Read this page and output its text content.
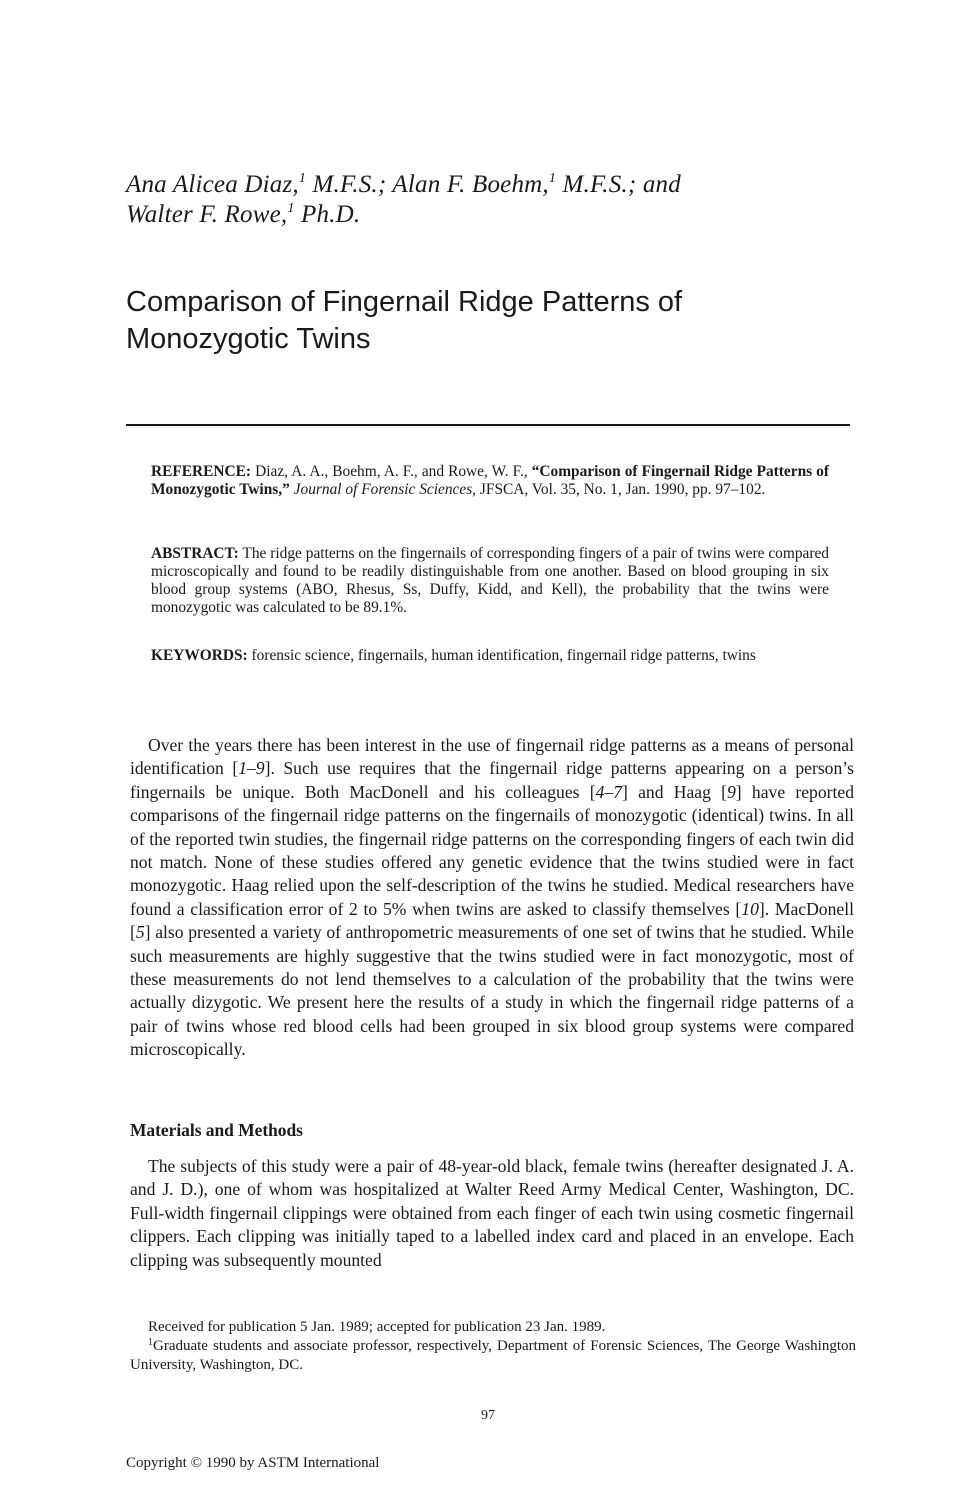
Ana Alicea Diaz,$^1$ M.F.S.; Alan F. Boehm,$^1$ M.F.S.; and
Walter F. Rowe,$^1$ Ph.D.
Comparison of Fingernail Ridge Patterns of
Monozygotic Twins
REFERENCE: Diaz, A. A., Boehm, A. F., and Rowe, W. F., “Comparison of Fingernail Ridge Patterns of Monozygotic Twins,” Journal of Forensic Sciences, JFSCA, Vol. 35, No. 1, Jan. 1990, pp. 97–102.
ABSTRACT: The ridge patterns on the fingernails of corresponding fingers of a pair of twins were compared microscopically and found to be readily distinguishable from one another. Based on blood grouping in six blood group systems (ABO, Rhesus, Ss, Duffy, Kidd, and Kell), the probability that the twins were monozygotic was calculated to be 89.1%.
KEYWORDS: forensic science, fingernails, human identification, fingernail ridge patterns, twins

Over the years there has been interest in the use of fingernail ridge patterns as a means of personal identification [1–9]. Such use requires that the fingernail ridge patterns appearing on a person’s fingernails be unique. Both MacDonell and his colleagues [4–7] and Haag [9] have reported comparisons of the fingernail ridge patterns on the fingernails of monozygotic (identical) twins. In all of the reported twin studies, the fingernail ridge patterns on the corresponding fingers of each twin did not match. None of these studies offered any genetic evidence that the twins studied were in fact monozygotic. Haag relied upon the self-description of the twins he studied. Medical researchers have found a classification error of 2 to 5% when twins are asked to classify themselves [10]. MacDonell [5] also presented a variety of anthropometric measurements of one set of twins that he studied. While such measurements are highly suggestive that the twins studied were in fact monozygotic, most of these measurements do not lend themselves to a calculation of the probability that the twins were actually dizygotic. We present here the results of a study in which the fingernail ridge patterns of a pair of twins whose red blood cells had been grouped in six blood group systems were compared microscopically.

Materials and Methods

The subjects of this study were a pair of 48-year-old black, female twins (hereafter designated J. A. and J. D.), one of whom was hospitalized at Walter Reed Army Medical Center, Washington, DC. Full-width fingernail clippings were obtained from each finger of each twin using cosmetic fingernail clippers. Each clipping was initially taped to a labelled index card and placed in an envelope. Each clipping was subsequently mounted

Received for publication 5 Jan. 1989; accepted for publication 23 Jan. 1989.
$^1$Graduate students and associate professor, respectively, Department of Forensic Sciences, The George Washington University, Washington, DC.
97
Copyright © 1990 by ASTM International
